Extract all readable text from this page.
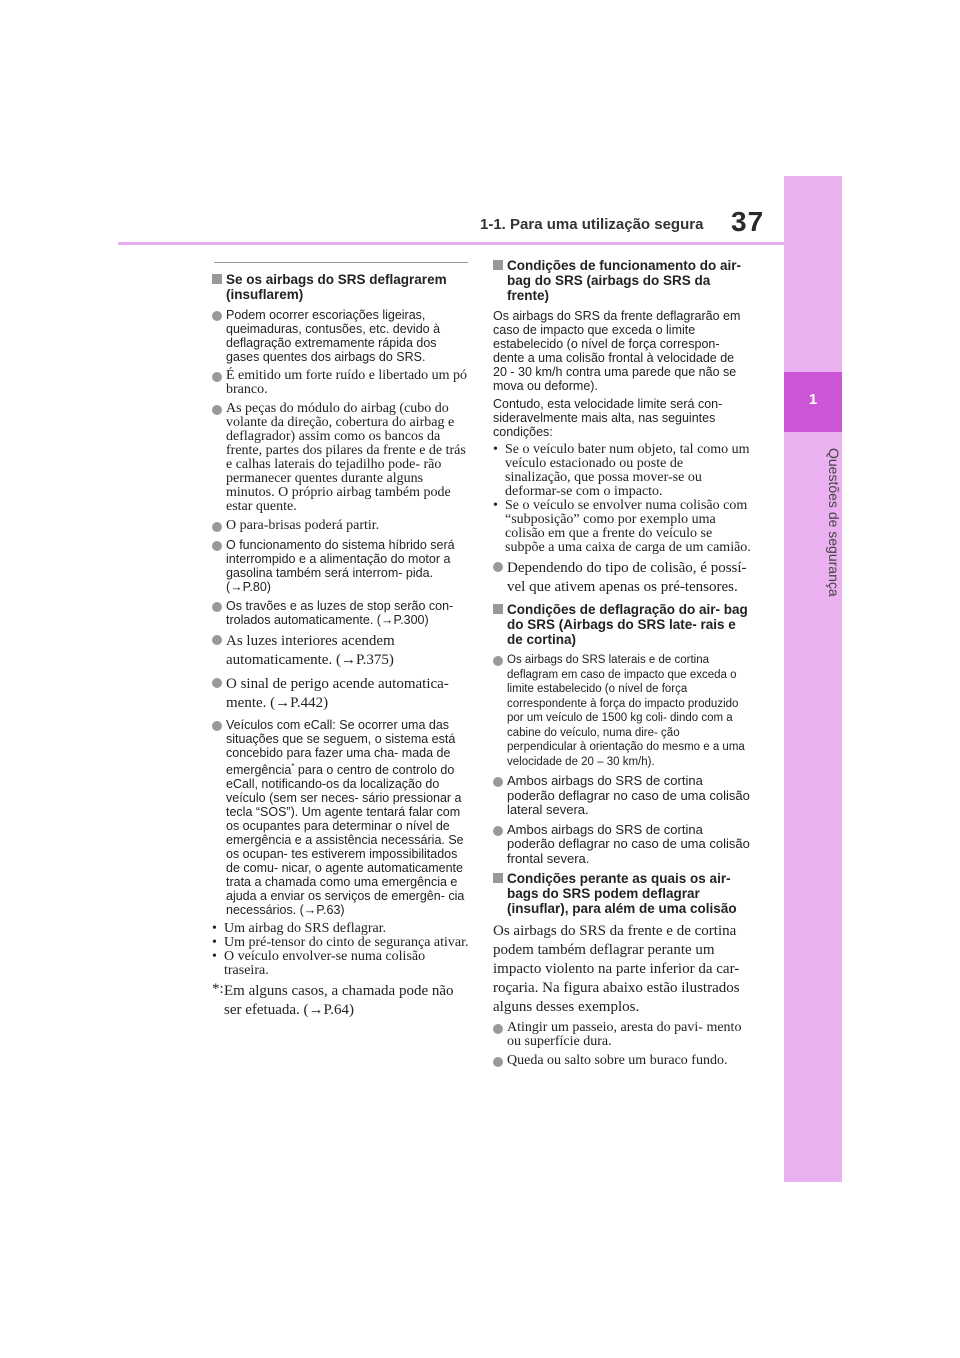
1-1. Para uma utilização segura 37
1
Questões de segurança
Se os airbags do SRS deflagrarem (insuflarem)
Podem ocorrer escoriações ligeiras, queimaduras, contusões, etc. devido à deflagração extremamente rápida dos gases quentes dos airbags do SRS.
É emitido um forte ruído e libertado um pó branco.
As peças do módulo do airbag (cubo do volante da direção, cobertura do airbag e deflagrador) assim como os bancos da frente, partes dos pilares da frente e de trás e calhas laterais do tejadilho pode- rão permanecer quentes durante alguns minutos. O próprio airbag também pode estar quente.
O para-brisas poderá partir.
O funcionamento do sistema híbrido será interrompido e a alimentação do motor a gasolina também será interrom- pida. (→P.80)
Os travões e as luzes de stop serão con- trolados automaticamente. (→P.300)
As luzes interiores acendem automaticamente. (→P.375)
O sinal de perigo acende automatica- mente. (→P.442)
Veículos com eCall: Se ocorrer uma das situações que se seguem, o sistema está concebido para fazer uma cha- mada de emergência* para o centro de controlo do eCall, notificando-os da localização do veículo (sem ser neces- sário pressionar a tecla “SOS”). Um agente tentará falar com os ocupantes para determinar o nível de emergência e a assistência necessária. Se os ocupan- tes estiverem impossibilitados de comu- nicar, o agente automaticamente trata a chamada como uma emergência e ajuda a enviar os serviços de emergên- cia necessários. (→P.63)
• Um airbag do SRS deflagrar.
• Um pré-tensor do cinto de segurança ativar.
• O veículo envolver-se numa colisão traseira.
*: Em alguns casos, a chamada pode não ser efetuada. (→P.64)
Condições de funcionamento do air- bag do SRS (airbags do SRS da frente)
Os airbags do SRS da frente deflagrarão em caso de impacto que exceda o limite estabelecido (o nível de força correspon- dente a uma colisão frontal à velocidade de 20 - 30 km/h contra uma parede que não se mova ou deforme).
Contudo, esta velocidade limite será con- sideravelmente mais alta, nas seguintes condições:
• Se o veículo bater num objeto, tal como um veículo estacionado ou poste de sinalização, que possa mover-se ou deformar-se com o impacto.
• Se o veículo se envolver numa colisão com “subposição” como por exemplo uma colisão em que a frente do veículo se subpõe a uma caixa de carga de um camião.
Dependendo do tipo de colisão, é possí- vel que ativem apenas os pré-tensores.
Condições de deflagração do air- bag do SRS (Airbags do SRS late- rais e de cortina)
Os airbags do SRS laterais e de cortina deflagram em caso de impacto que exceda o limite estabelecido (o nível de força correspondente à força do impacto produzido por um veículo de 1500 kg coli- dindo com a cabine do veículo, numa dire- ção perpendicular à orientação do mesmo e a uma velocidade de 20 – 30 km/h).
Ambos airbags do SRS de cortina poderão deflagrar no caso de uma colisão lateral severa.
Ambos airbags do SRS de cortina poderão deflagrar no caso de uma colisão frontal severa.
Condições perante as quais os air- bags do SRS podem deflagrar (insuflar), para além de uma colisão
Os airbags do SRS da frente e de cortina podem também deflagrar perante um impacto violento na parte inferior da car- roçaria. Na figura abaixo estão ilustrados alguns desses exemplos.
Atingir um passeio, aresta do pavi- mento ou superfície dura.
Queda ou salto sobre um buraco fundo.
